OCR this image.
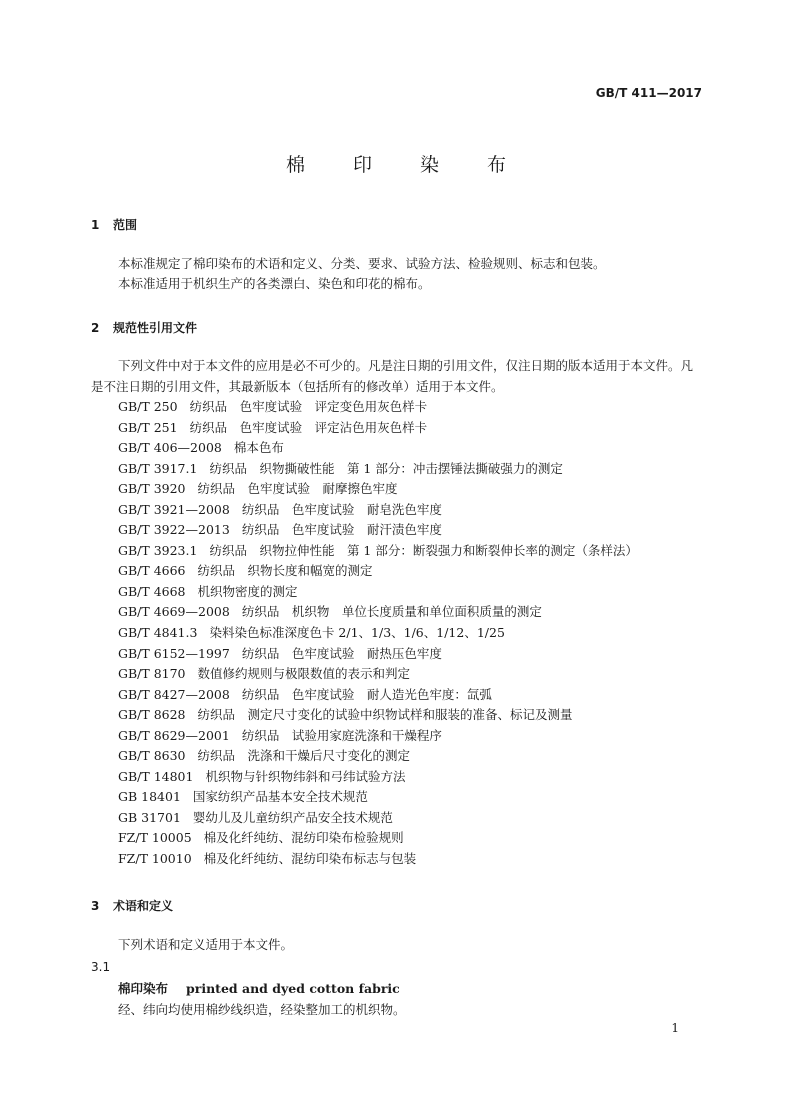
GB/T 411—2017
棉 印 染 布
1 范围
本标准规定了棉印染布的术语和定义、分类、要求、试验方法、检验规则、标志和包装。
本标准适用于机织生产的各类漂白、染色和印花的棉布。
2 规范性引用文件
下列文件中对于本文件的应用是必不可少的。凡是注日期的引用文件，仅注日期的版本适用于本文件。凡是不注日期的引用文件，其最新版本（包括所有的修改单）适用于本文件。
GB/T 250 纺织品　色牢度试验　评定变色用灰色样卡
GB/T 251 纺织品　色牢度试验　评定沾色用灰色样卡
GB/T 406—2008 棉本色布
GB/T 3917.1 纺织品　织物撕破性能　第 1 部分：冲击摆锤法撕破强力的测定
GB/T 3920 纺织品　色牢度试验　耐摩擦色牢度
GB/T 3921—2008 纺织品　色牢度试验　耐皂洗色牢度
GB/T 3922—2013 纺织品　色牢度试验　耐汗渍色牢度
GB/T 3923.1 纺织品　织物拉伸性能　第 1 部分：断裂强力和断裂伸长率的测定（条样法）
GB/T 4666 纺织品　织物长度和幅宽的测定
GB/T 4668 机织物密度的测定
GB/T 4669—2008 纺织品　机织物　单位长度质量和单位面积质量的测定
GB/T 4841.3 染料染色标准深度色卡 2/1、1/3、1/6、1/12、1/25
GB/T 6152—1997 纺织品　色牢度试验　耐热压色牢度
GB/T 8170 数值修约规则与极限数值的表示和判定
GB/T 8427—2008 纺织品　色牢度试验　耐人造光色牢度：氙弧
GB/T 8628 纺织品　测定尺寸变化的试验中织物试样和服装的准备、标记及测量
GB/T 8629—2001 纺织品　试验用家庭洗涤和干燥程序
GB/T 8630 纺织品　洗涤和干燥后尺寸变化的测定
GB/T 14801 机织物与针织物纬斜和弓纬试验方法
GB 18401 国家纺织产品基本安全技术规范
GB 31701 婴幼儿及儿童纺织产品安全技术规范
FZ/T 10005 棉及化纤纯纺、混纺印染布检验规则
FZ/T 10010 棉及化纤纯纺、混纺印染布标志与包装
3 术语和定义
下列术语和定义适用于本文件。
3.1
棉印染布 printed and dyed cotton fabric
经、纬向均使用棉纱线织造，经染整加工的机织物。
1
